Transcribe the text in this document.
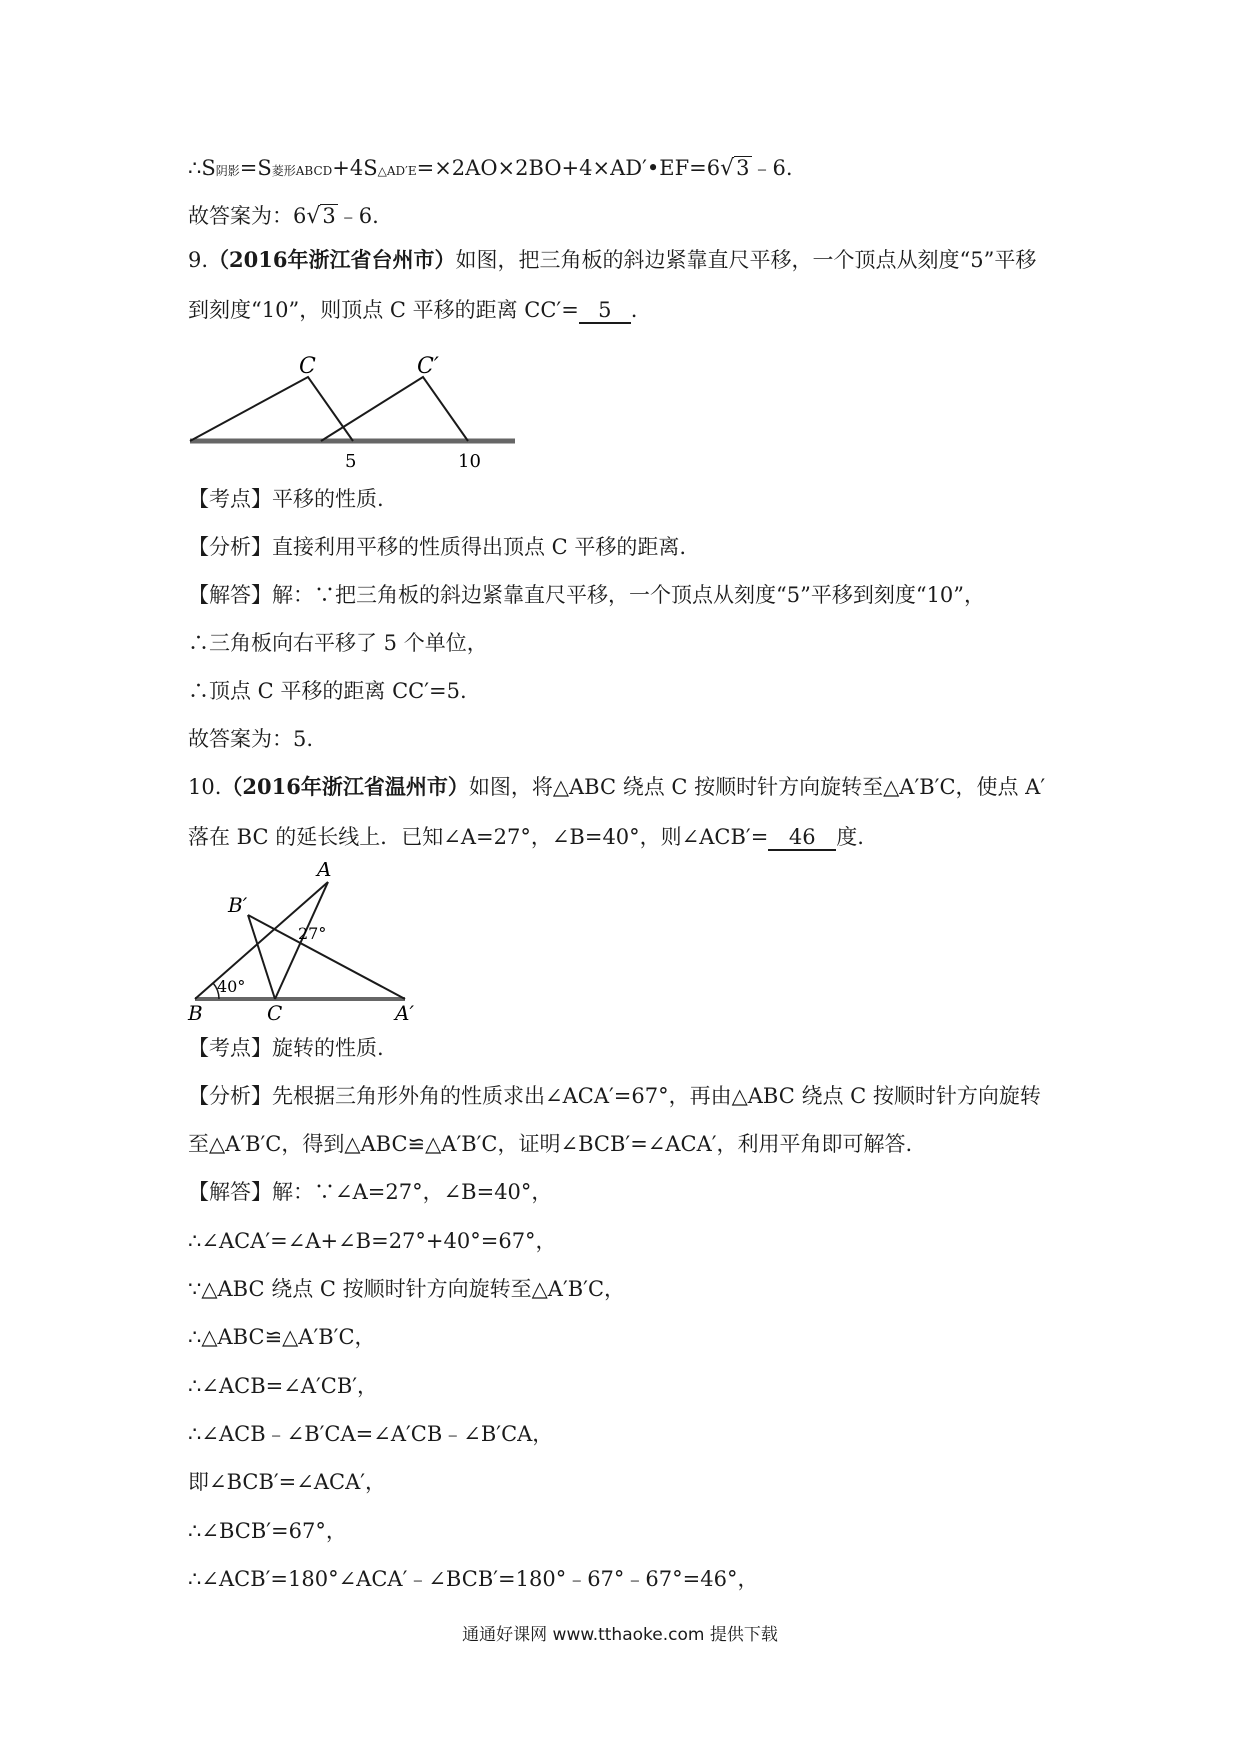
∴S阴影=S菱形ABCD+4S△AD′E=×2AO×2BO+4×AD′•EF=6√3﹣6.
故答案为：6√3﹣6.
9.（2016年浙江省台州市）如图，把三角板的斜边紧靠直尺平移，一个顶点从刻度“5”平移
到刻度“10”，则顶点 C 平移的距离 CC′= 5 .
C	C′
5	10
【考点】平移的性质.
【分析】直接利用平移的性质得出顶点 C 平移的距离.
【解答】解：∵把三角板的斜边紧靠直尺平移，一个顶点从刻度“5”平移到刻度“10”，
∴三角板向右平移了 5 个单位，
∴顶点 C 平移的距离 CC′=5.
故答案为：5.
10.（2016年浙江省温州市）如图，将△ABC 绕点 C 按顺时针方向旋转至△A′B′C，使点 A′
落在 BC 的延长线上．已知∠A=27°，∠B=40°，则∠ACB′= 46 度.
A
B′
27°
40°
B	C	A′
【考点】旋转的性质.
【分析】先根据三角形外角的性质求出∠ACA′=67°，再由△ABC 绕点 C 按顺时针方向旋转
至△A′B′C，得到△ABC≌△A′B′C，证明∠BCB′=∠ACA′，利用平角即可解答.
【解答】解：∵∠A=27°，∠B=40°，
∴∠ACA′=∠A+∠B=27°+40°=67°，
∵△ABC 绕点 C 按顺时针方向旋转至△A′B′C，
∴△ABC≌△A′B′C，
∴∠ACB=∠A′CB′，
∴∠ACB﹣∠B′CA=∠A′CB﹣∠B′CA，
即∠BCB′=∠ACA′，
∴∠BCB′=67°，
∴∠ACB′=180°∠ACA′﹣∠BCB′=180°﹣67°﹣67°=46°，
通通好课网 www.tthaoke.com 提供下载
